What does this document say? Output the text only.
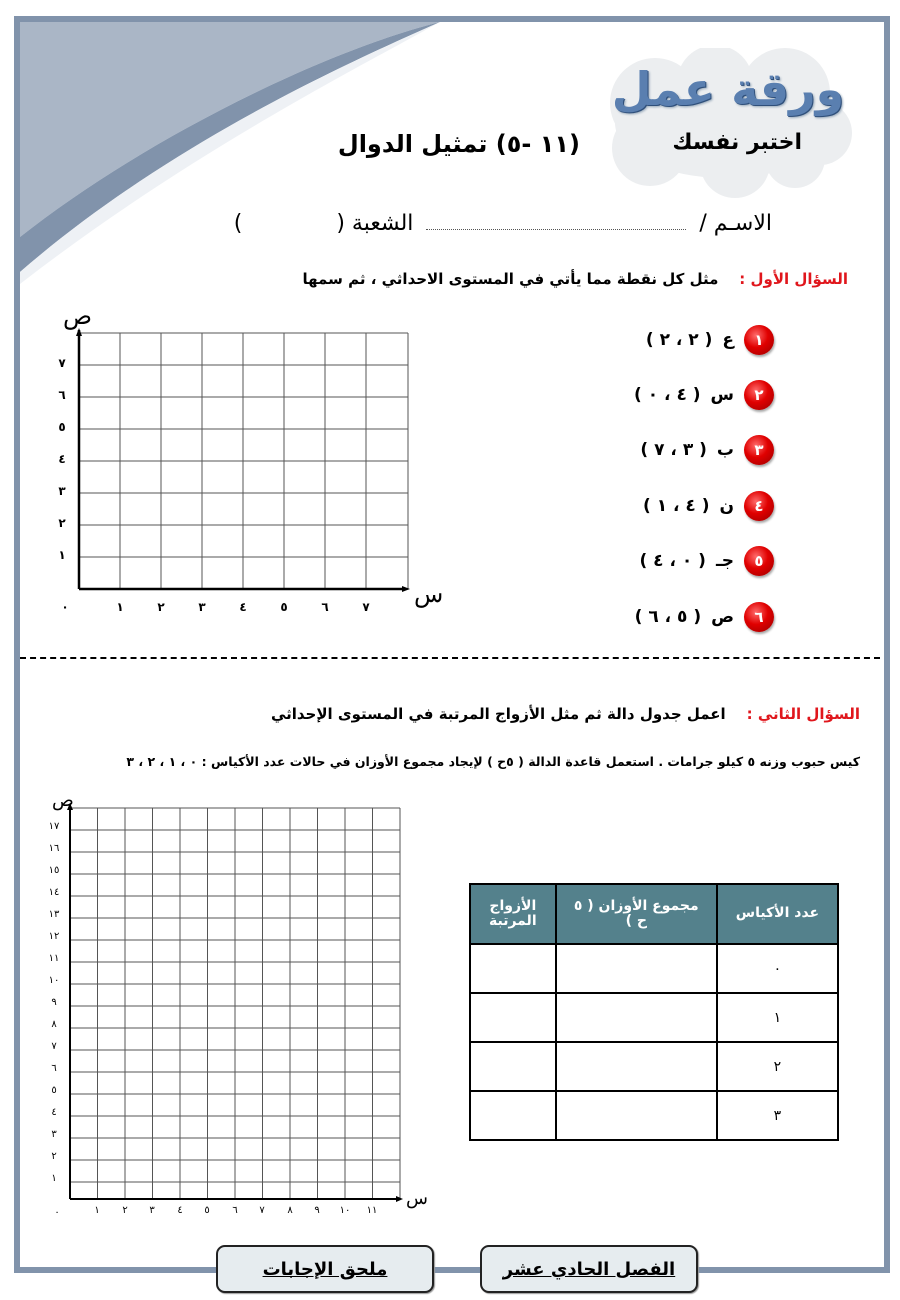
ورقة عمل
اختبر نفسك
(١١ -٥) تمثيل الدوال
الاسـم /  الشعبة (  )
السؤال الأول :    مثل كل نقطة مما يأتي في المستوى الاحداثي ، ثم سمها
١
ع
( ٢ ، ٢ )
٢
س
( ٤ ، ٠ )
٣
ب
( ٣ ، ٧ )
٤
ن
( ٤ ، ١ )
٥
جـ
( ٠ ، ٤ )
٦
ص
( ٥ ، ٦ )
ص
س
٠	١	٢	٣	٤	٥	٦	٧
١
٢
٣
٤
٥
٦
٧
السؤال الثاني :    اعمل جدول دالة ثم مثل الأزواج المرتبة في المستوى الإحداثي
كيس حبوب وزنه ٥ كيلو جرامات . استعمل قاعدة الدالة ( ٥ح ) لإيجاد مجموع الأوزان في حالات عدد الأكياس : ٠ ، ١ ، ٢ ، ٣
ص
س
٠	١	٢	٣	٤	٥	٦	٧	٨	٩	١٠	١١
١
٢
٣
٤
٥
٦
٧
٨
٩
١٠
١١
١٢
١٣
١٤
١٥
١٦
١٧
عدد الأكياس	مجموع الأوزان ( ٥ ح )	الأزواج المرتبة
٠		
١		
٢		
٣		
ملحق الإجابات	الفصل الحادي عشر
